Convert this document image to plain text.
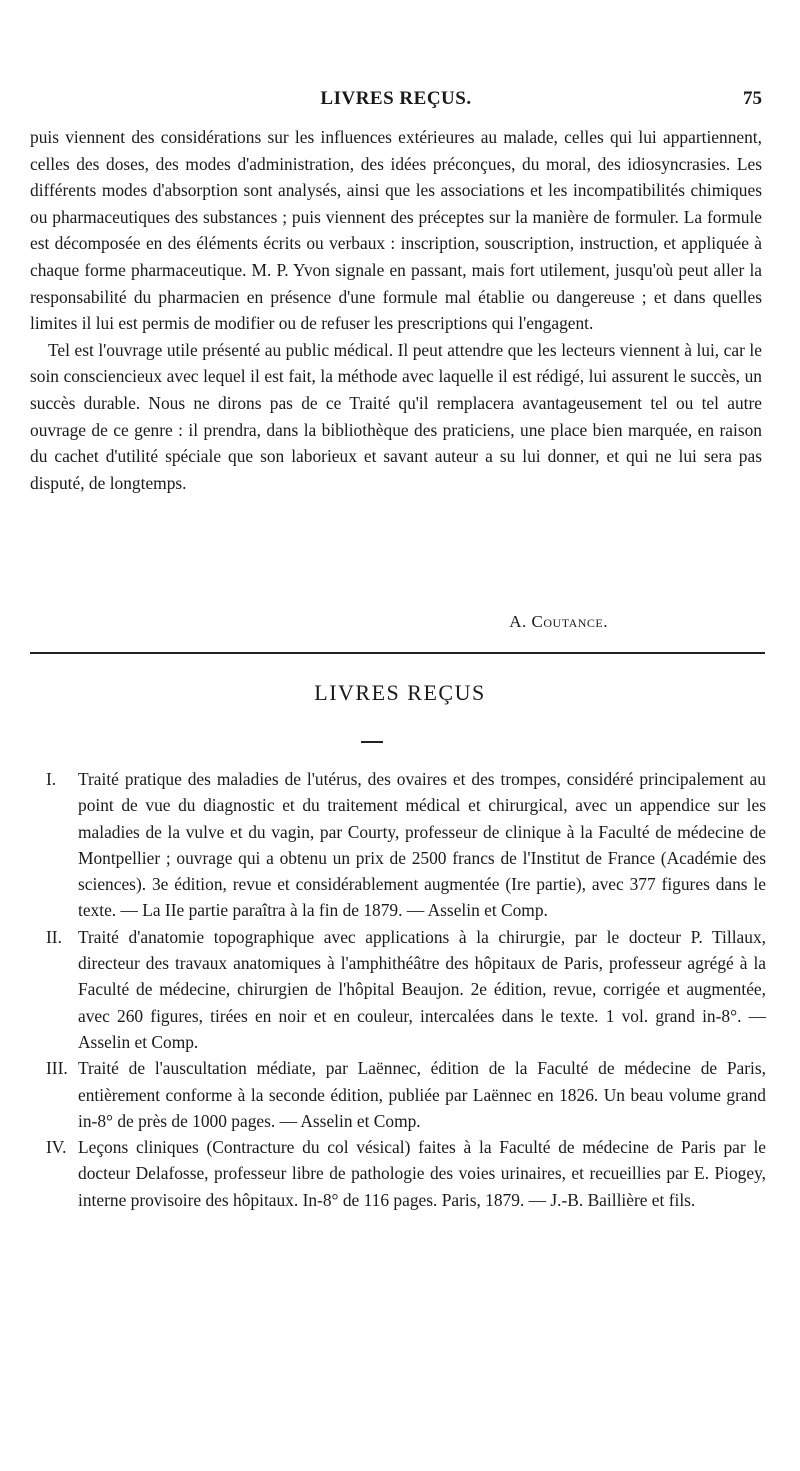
LIVRES REÇUS.	75

puis viennent des considérations sur les influences extérieures au malade, celles qui lui appartiennent, celles des doses, des modes d'administration, des idées préconçues, du moral, des idiosyncrasies. Les différents modes d'absorption sont analysés, ainsi que les associations et les incompatibilités chimiques ou pharmaceutiques des substances ; puis viennent des préceptes sur la manière de formuler. La formule est décomposée en des éléments écrits ou verbaux : inscription, souscription, instruction, et appliquée à chaque forme pharmaceutique. M. P. Yvon signale en passant, mais fort utilement, jusqu'où peut aller la responsabilité du pharmacien en présence d'une formule mal établie ou dangereuse ; et dans quelles limites il lui est permis de modifier ou de refuser les prescriptions qui l'engagent.

Tel est l'ouvrage utile présenté au public médical. Il peut attendre que les lecteurs viennent à lui, car le soin consciencieux avec lequel il est fait, la méthode avec laquelle il est rédigé, lui assurent le succès, un succès durable. Nous ne dirons pas de ce Traité qu'il remplacera avantageusement tel ou tel autre ouvrage de ce genre : il prendra, dans la bibliothèque des praticiens, une place bien marquée, en raison du cachet d'utilité spéciale que son laborieux et savant auteur a su lui donner, et qui ne lui sera pas disputé, de longtemps.

A. Coutance.
LIVRES REÇUS

I.	Traité pratique des maladies de l'utérus, des ovaires et des trompes, considéré principalement au point de vue du diagnostic et du traitement médical et chirurgical, avec un appendice sur les maladies de la vulve et du vagin, par Courty, professeur de clinique à la Faculté de médecine de Montpellier ; ouvrage qui a obtenu un prix de 2500 francs de l'Institut de France (Académie des sciences). 3e édition, revue et considérablement augmentée (Ire partie), avec 377 figures dans le texte. — La IIe partie paraîtra à la fin de 1879. — Asselin et Comp.

II. Traité d'anatomie topographique avec applications à la chirurgie, par le docteur P. Tillaux, directeur des travaux anatomiques à l'amphithéâtre des hôpitaux de Paris, professeur agrégé à la Faculté de médecine, chirurgien de l'hôpital Beaujon. 2e édition, revue, corrigée et augmentée, avec 260 figures, tirées en noir et en couleur, intercalées dans le texte. 1 vol. grand in-8°. — Asselin et Comp.

III. Traité de l'auscultation médiate, par Laënnec, édition de la Faculté de médecine de Paris, entièrement conforme à la seconde édition, publiée par Laënnec en 1826. Un beau volume grand in-8° de près de 1000 pages. — Asselin et Comp.

IV. Leçons cliniques (Contracture du col vésical) faites à la Faculté de médecine de Paris par le docteur Delafosse, professeur libre de pathologie des voies urinaires, et recueillies par E. Piogey, interne provisoire des hôpitaux. In-8° de 116 pages. Paris, 1879. — J.-B. Baillière et fils.
